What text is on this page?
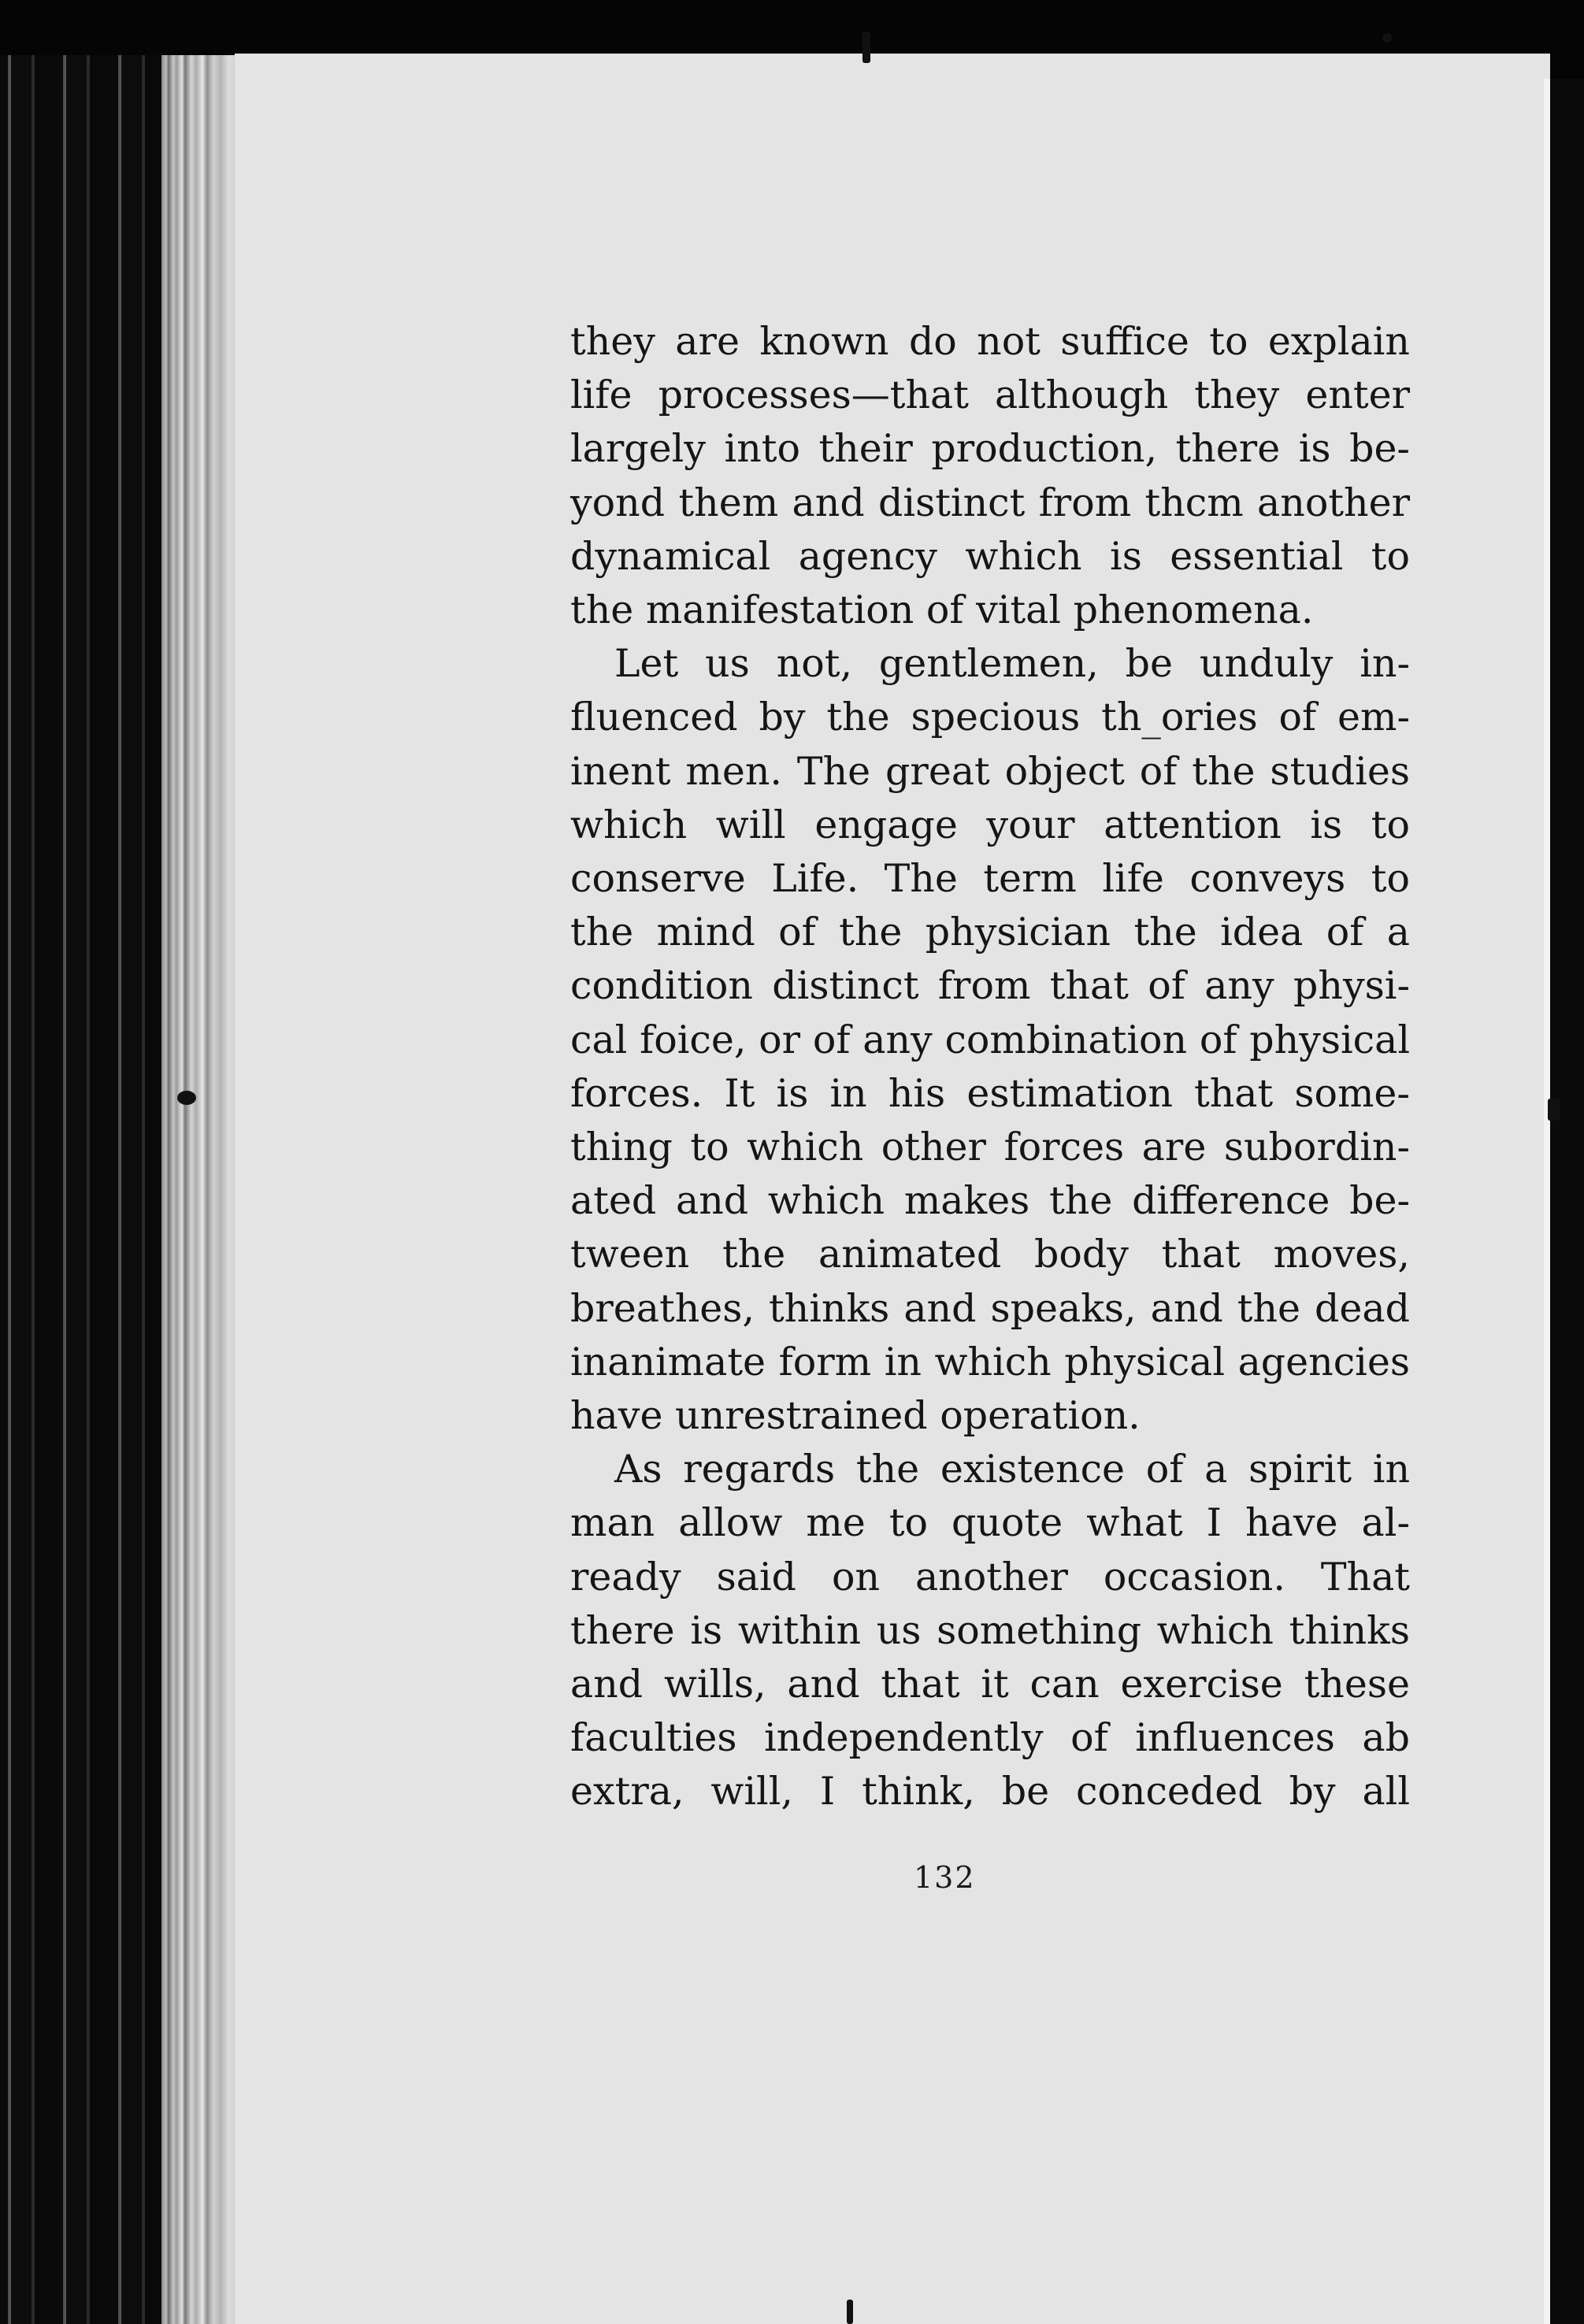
they are known do not suffice to explain
life processes—that although they enter
largely into their production, there is be-
yond them and distinct from thcm another
dynamical agency which is essential to
the manifestation of vital phenomena.

Let us not, gentlemen, be unduly in-
fluenced by the specious th_ories of em-
inent men. The great object of the studies
which will engage your attention is to
conserve Life. The term life conveys to
the mind of the physician the idea of a
condition distinct from that of any physi-
cal foice, or of any combination of physical
forces. It is in his estimation that some-
thing to which other forces are subordin-
ated and which makes the difference be-
tween the animated body that moves,
breathes, thinks and speaks, and the dead
inanimate form in which physical agencies
have unrestrained operation.

As regards the existence of a spirit in
man allow me to quote what I have al-
ready said on another occasion. That
there is within us something which thinks
and wills, and that it can exercise these
faculties independently of influences ab
extra, will, I think, be conceded by all

132
